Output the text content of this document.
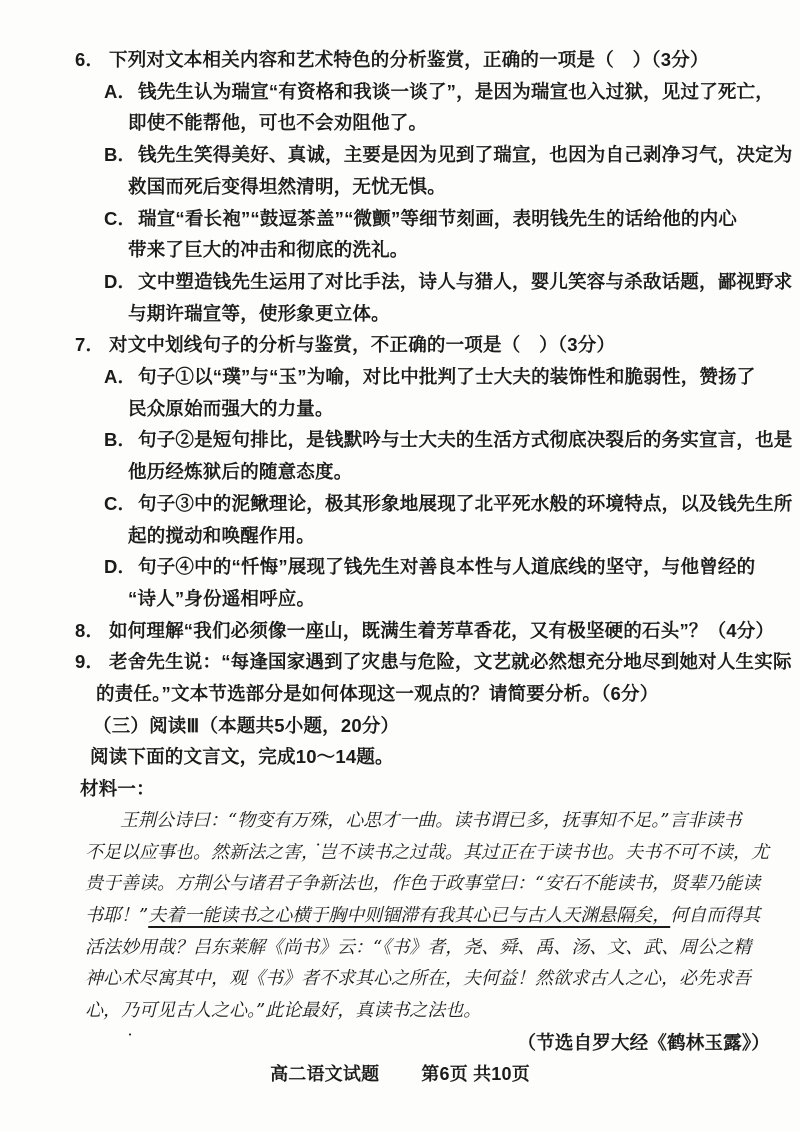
6． 下列对文本相关内容和艺术特色的分析鉴赏，正确的一项是（　）（3分）
A．钱先生认为瑞宣“有资格和我谈一谈了”，是因为瑞宣也入过狱，见过了死亡，
即使不能帮他，可也不会劝阻他了。
B．钱先生笑得美好、真诚，主要是因为见到了瑞宣，也因为自己剥净习气，决定为
救国而死后变得坦然清明，无忧无惧。
C．瑞宣“看长袍”“鼓逗茶盖”“微颤”等细节刻画，表明钱先生的话给他的内心
带来了巨大的冲击和彻底的洗礼。
D．文中塑造钱先生运用了对比手法，诗人与猎人，婴儿笑容与杀敌话题，鄙视野求
与期许瑞宣等，使形象更立体。
7． 对文中划线句子的分析与鉴赏，不正确的一项是（　）（3分）
A．句子①以“璞”与“玉”为喻，对比中批判了士大夫的装饰性和脆弱性，赞扬了
民众原始而强大的力量。
B．句子②是短句排比，是钱默吟与士大夫的生活方式彻底决裂后的务实宣言，也是
他历经炼狱后的随意态度。
C．句子③中的泥鳅理论，极其形象地展现了北平死水般的环境特点，以及钱先生所
起的搅动和唤醒作用。
D．句子④中的“忏悔”展现了钱先生对善良本性与人道底线的坚守，与他曾经的
“诗人”身份遥相呼应。
8． 如何理解“我们必须像一座山，既满生着芳草香花，又有极坚硬的石头”？（4分）
9． 老舍先生说：“每逢国家遇到了灾患与危险，文艺就必然想充分地尽到她对人生实际
的责任。”文本节选部分是如何体现这一观点的？请简要分析。（6分）
（三）阅读Ⅲ（本题共5小题，20分）
阅读下面的文言文，完成10～14题。
材料一：
王荆公诗曰：“物变有万殊，心思才一曲。读书谓已多，抚事知不足。”言非读书
不足以应事也。然新法之害，岂不读书之过哉。其过正在于读书也。夫书不可不读，尤
贵于善读。方荆公与诸君子争新法也，作色于政事堂曰：“安石不能读书，贤辈乃能读
书耶！”夫着一能读书之心横于胸中则锢滞有我其心已与古人天渊悬隔矣，何自而得其
活法妙用哉？吕东莱解《尚书》云：“《书》者，尧、舜、禹、汤、文、武、周公之精
神心术尽寓其中，观《书》者不求其心之所在，夫何益！然欲求古人之心，必先求吾
心，乃可见古人之心。”此论最好，真读书之法也。
（节选自罗大经《鹤林玉露》）
高二语文试题 第6页 共10页
